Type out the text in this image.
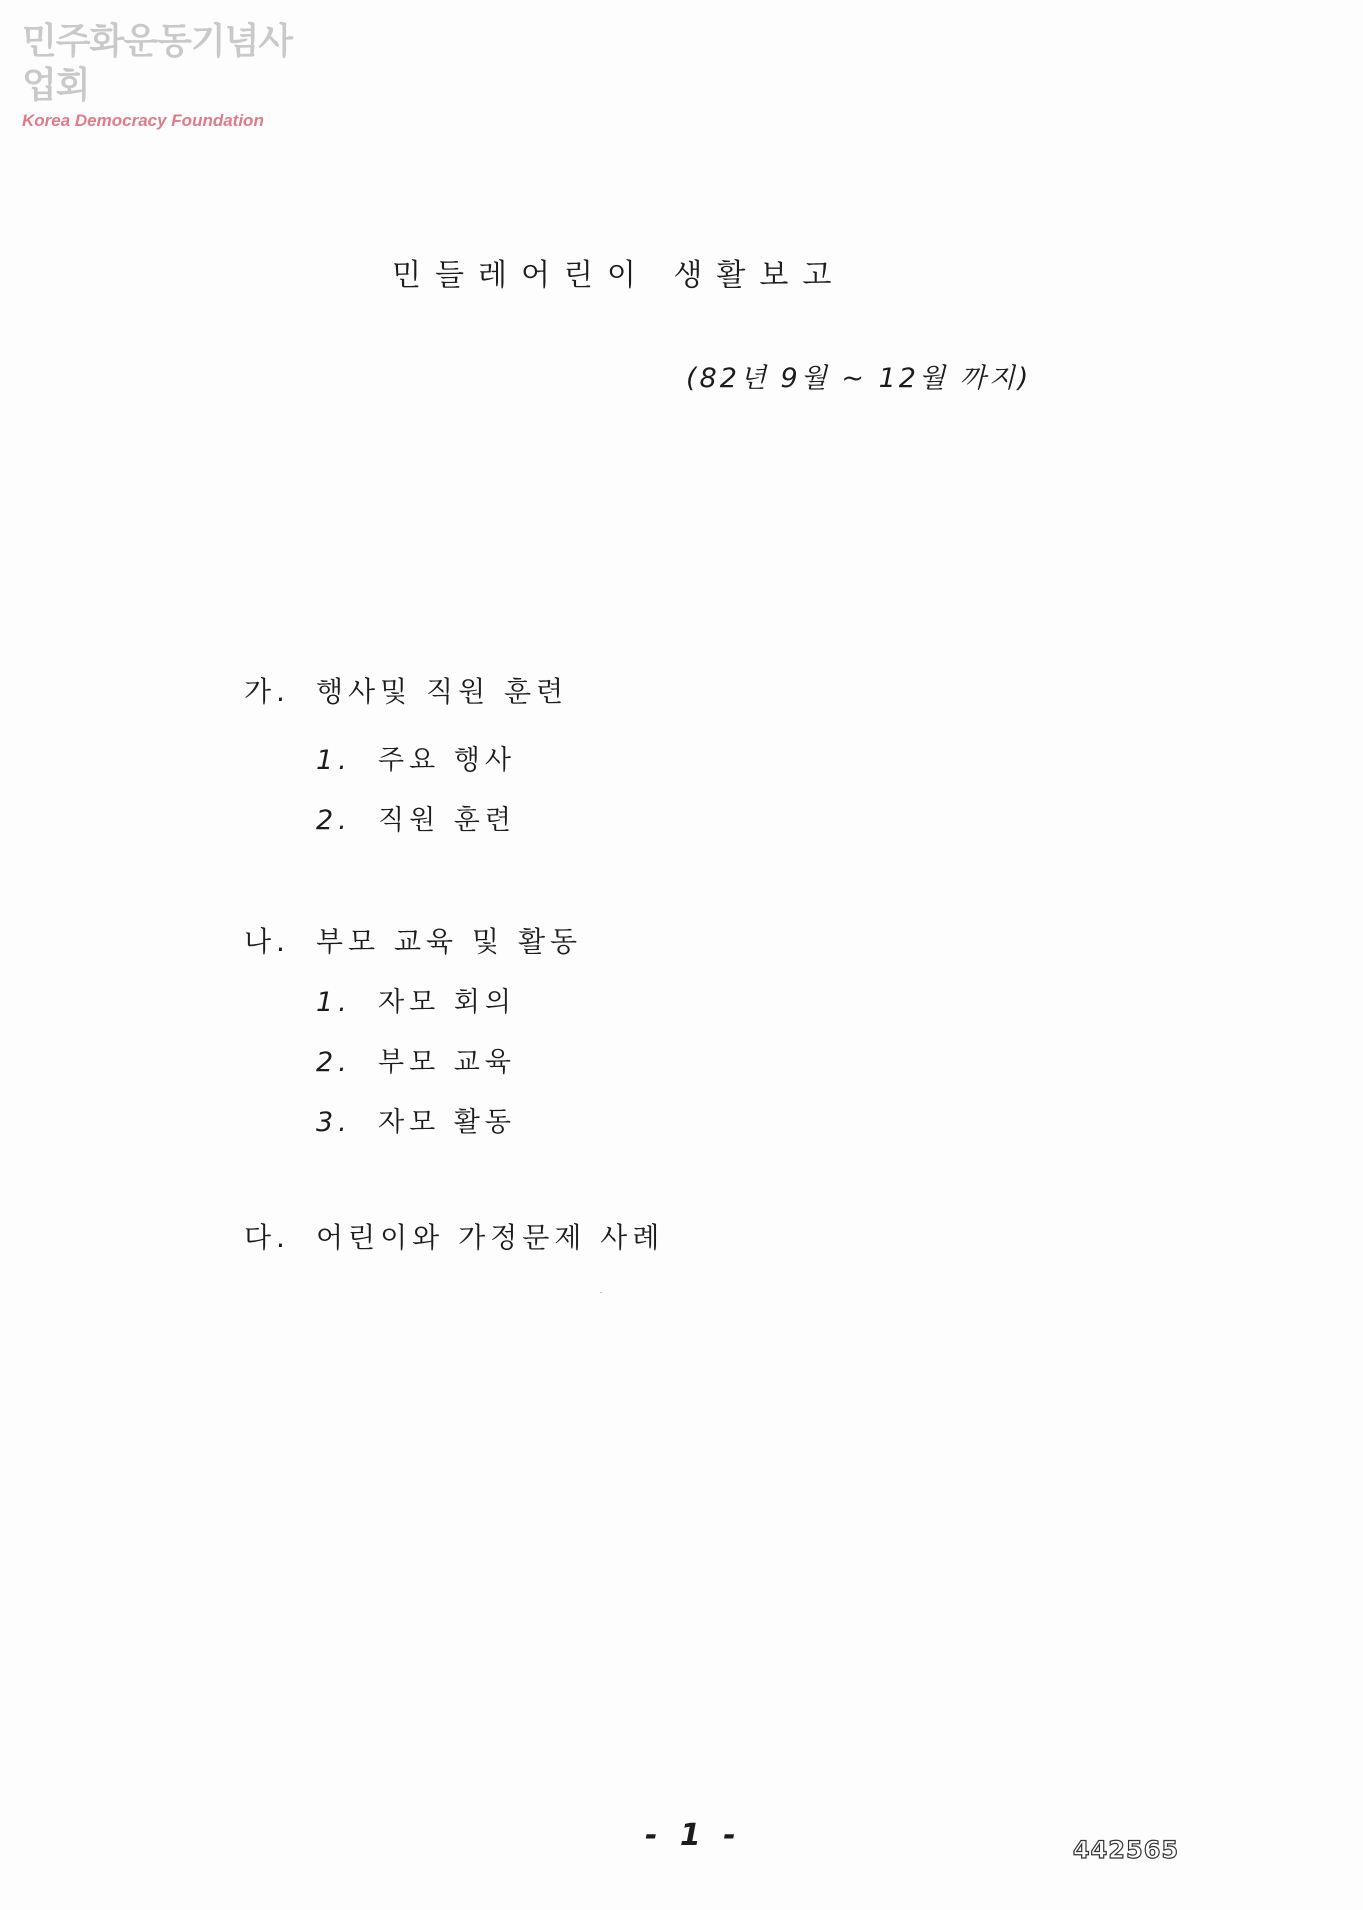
민주화운동기념사업회
Korea Democracy Foundation
민들레어린이 생활보고
(82년 9월 ~ 12월 까지)
가. 행사및 직원 훈련
1. 주요 행사
2. 직원 훈련
나. 부모 교육 및 활동
1. 자모 회의
2. 부모 교육
3. 자모 활동
다. 어린이와 가정문제 사례
- 1 -	442565
